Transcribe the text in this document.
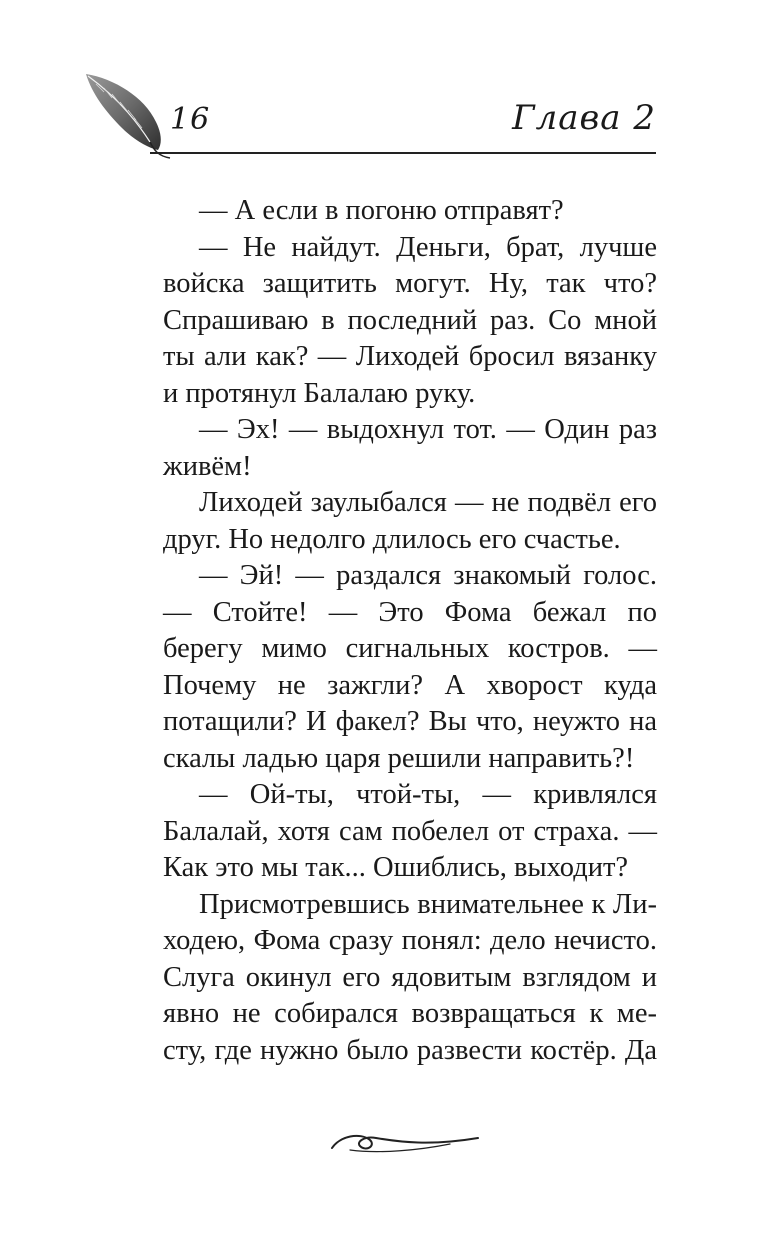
16	Глава 2

— А если в погоню отправят?

— Не найдут. Деньги, брат, лучше войска защитить могут. Ну, так что? Спрашиваю в последний раз. Со мной ты али как? — Лиходей бросил вязанку и протянул Балалаю руку.

— Эх! — выдохнул тот. — Один раз живём!

Лиходей заулыбался — не подвёл его друг. Но недолго длилось его счастье.

— Эй! — раздался знакомый голос. — Стойте! — Это Фома бежал по берегу мимо сигнальных костров. — Почему не зажгли? А хворост куда потащили? И факел? Вы что, неужто на скалы ладью царя решили направить?!

— Ой-ты, чтой-ты, — кривлялся Балалай, хотя сам побелел от страха. — Как это мы так... Ошиблись, выходит?

Присмотревшись внимательнее к Лиходею, Фома сразу понял: дело нечисто. Слуга окинул его ядовитым взглядом и явно не собирался возвращаться к месту, где нужно было развести костёр. Да
